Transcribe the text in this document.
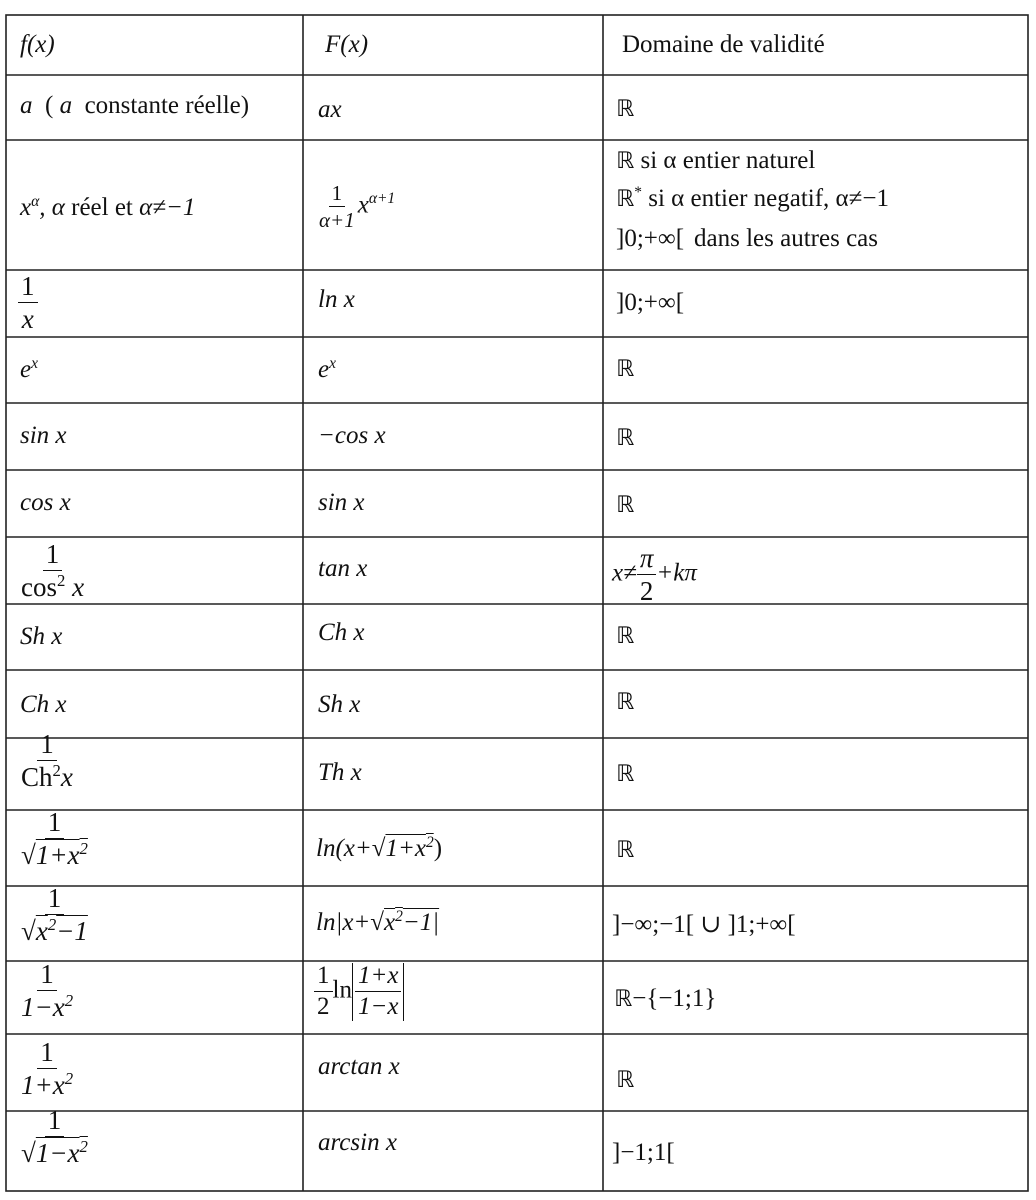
f(x)	F(x)	Domaine de validité
a ( a constante réelle)	ax	ℝ
$x^\alpha$, α réel et α≠−1	$\frac{1}{\alpha+1} x^{\alpha+1}$
ℝ si α entier naturel
ℝ* si α entier negatif, α≠−1
]0;+∞[ dans les autres cas
$\frac{1}{x}$	ln x	]0;+∞[
$e^x$	$e^x$	ℝ
sin x	−cos x	ℝ
cos x	sin x	ℝ
$\frac{1}{\cos^2 x}$	tan x	$x\ne \frac{\pi}{2} +k\pi$
Sh x	Ch x	ℝ
Ch x	Sh x	ℝ
$\frac{1}{Ch^2x}$	Th x	ℝ
$\frac{1}{√1+x^2}$	$\ln(x+√1+x^2)$	ℝ
$\frac{1}{√x^2-1}$	$\ln|x+√x^2-1|$	]−∞;−1[ ∪ ]1;+∞[
$\frac{1}{1-x^2}$	$\frac{1}{2}$ $\ln \frac{1+x}{1-x}$	ℝ−{−1;1}
$\frac{1}{1+x^2}$	arctan x	ℝ
$\frac{1}{√1-x^2}$	arcsin x	]−1;1[
